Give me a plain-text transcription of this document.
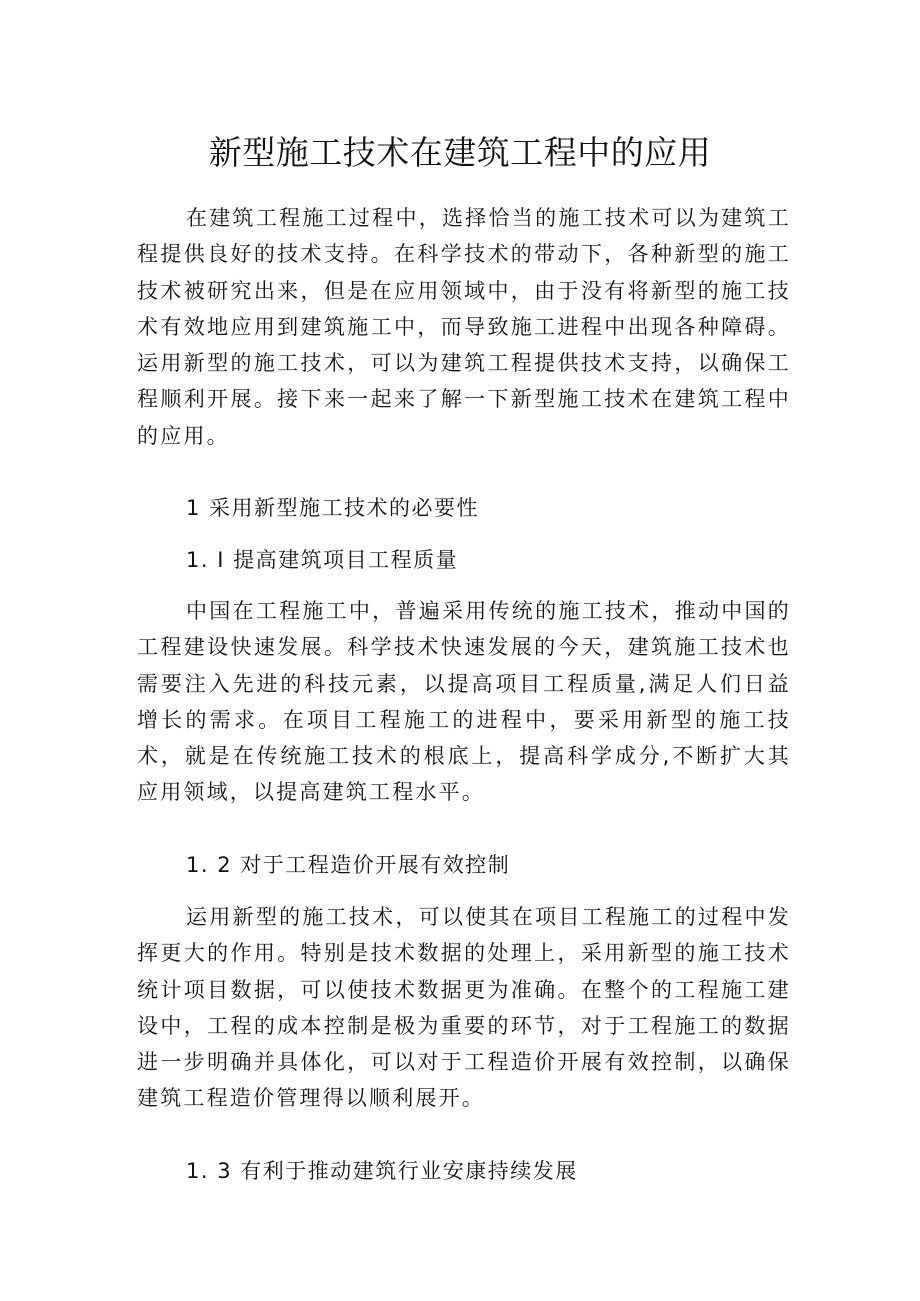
新型施工技术在建筑工程中的应用

在建筑工程施工过程中，选择恰当的施工技术可以为建筑工程提供良好的技术支持。在科学技术的带动下，各种新型的施工技术被研究出来，但是在应用领域中，由于没有将新型的施工技术有效地应用到建筑施工中，而导致施工进程中出现各种障碍。运用新型的施工技术，可以为建筑工程提供技术支持，以确保工程顺利开展。接下来一起来了解一下新型施工技术在建筑工程中的应用。

1 采用新型施工技术的必要性
1. I 提高建筑项目工程质量

中国在工程施工中，普遍采用传统的施工技术，推动中国的工程建设快速发展。科学技术快速发展的今天，建筑施工技术也需要注入先进的科技元素，以提高项目工程质量,满足人们日益增长的需求。在项目工程施工的进程中，要采用新型的施工技术，就是在传统施工技术的根底上，提高科学成分,不断扩大其应用领域，以提高建筑工程水平。

1. 2 对于工程造价开展有效控制

运用新型的施工技术，可以使其在项目工程施工的过程中发挥更大的作用。特别是技术数据的处理上，采用新型的施工技术统计项目数据，可以使技术数据更为准确。在整个的工程施工建设中，工程的成本控制是极为重要的环节，对于工程施工的数据进一步明确并具体化，可以对于工程造价开展有效控制，以确保建筑工程造价管理得以顺利展开。

1. 3 有利于推动建筑行业安康持续发展
